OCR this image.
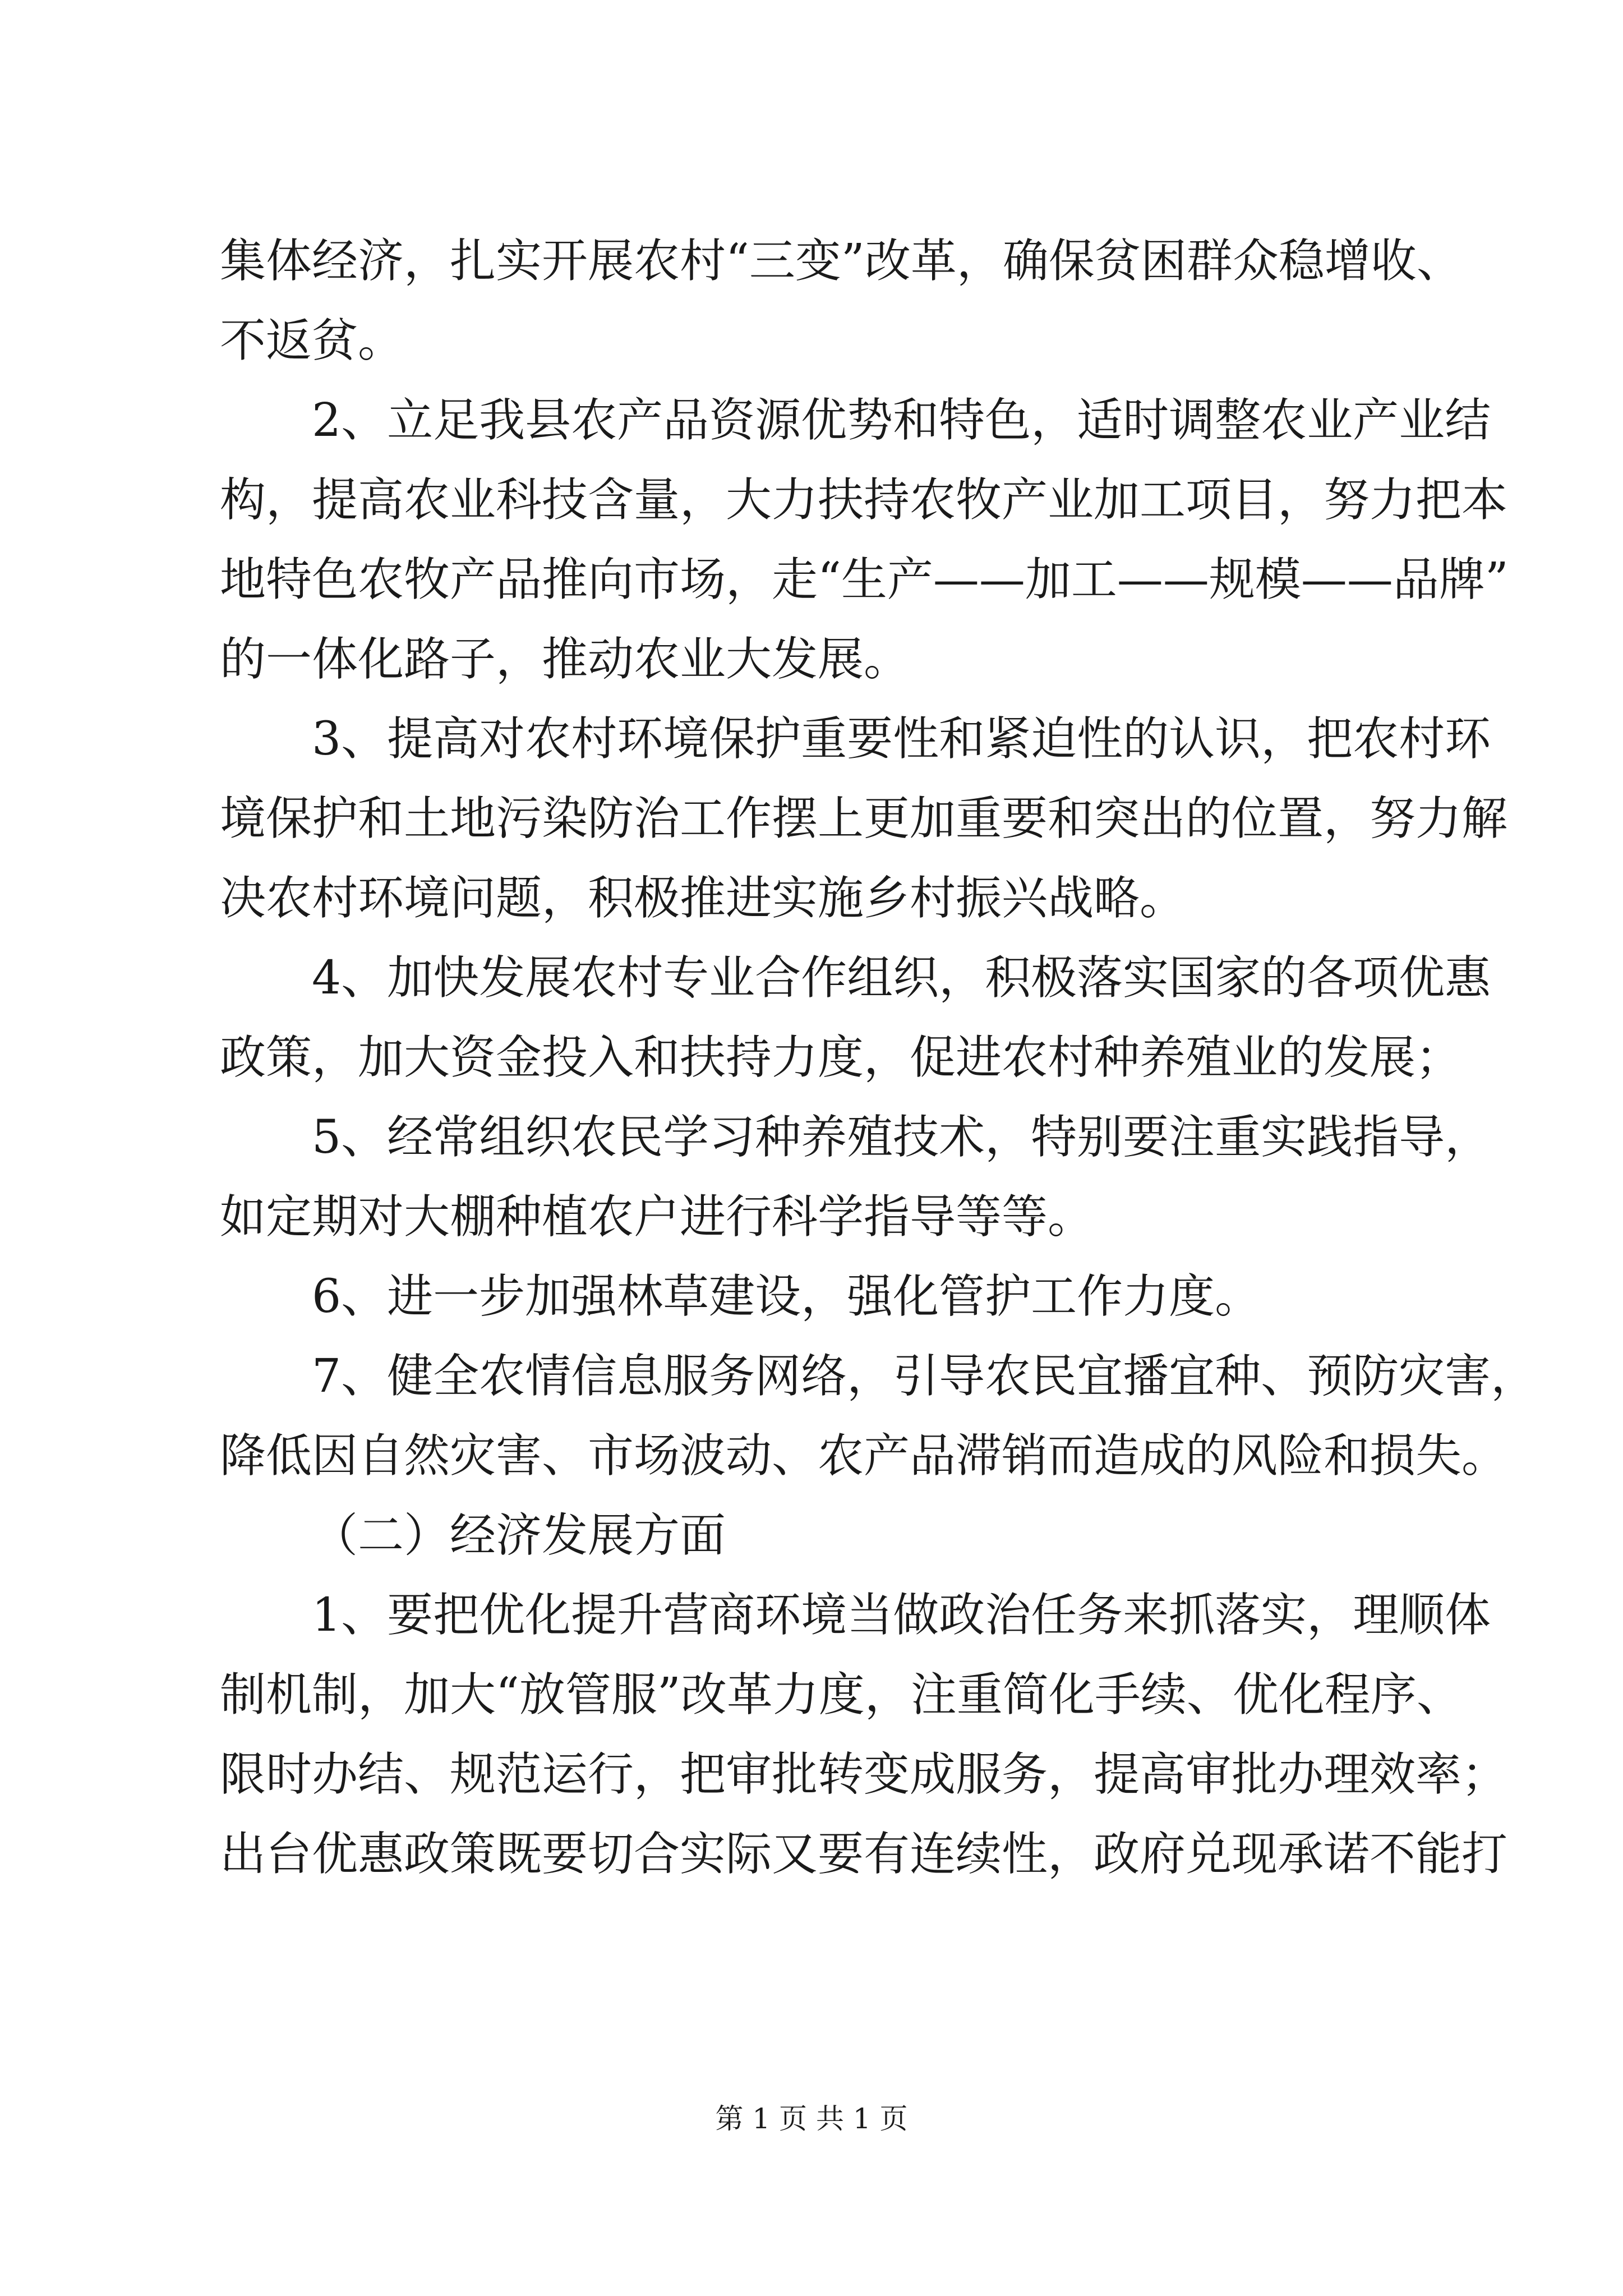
集体经济，扎实开展农村“三变”改革，确保贫困群众稳增收、
不返贫。
2、立足我县农产品资源优势和特色，适时调整农业产业结
构，提高农业科技含量，大力扶持农牧产业加工项目，努力把本
地特色农牧产品推向市场，走“生产——加工——规模——品牌”
的一体化路子，推动农业大发展。
3、提高对农村环境保护重要性和紧迫性的认识，把农村环
境保护和土地污染防治工作摆上更加重要和突出的位置，努力解
决农村环境问题，积极推进实施乡村振兴战略。
4、加快发展农村专业合作组织，积极落实国家的各项优惠
政策，加大资金投入和扶持力度，促进农村种养殖业的发展；
5、经常组织农民学习种养殖技术，特别要注重实践指导，
如定期对大棚种植农户进行科学指导等等。
6、进一步加强林草建设，强化管护工作力度。
7、健全农情信息服务网络，引导农民宜播宜种、预防灾害，
降低因自然灾害、市场波动、农产品滞销而造成的风险和损失。
（二）经济发展方面
1、要把优化提升营商环境当做政治任务来抓落实，理顺体
制机制，加大“放管服”改革力度，注重简化手续、优化程序、
限时办结、规范运行，把审批转变成服务，提高审批办理效率；
出台优惠政策既要切合实际又要有连续性，政府兑现承诺不能打
第 1 页 共 1 页
